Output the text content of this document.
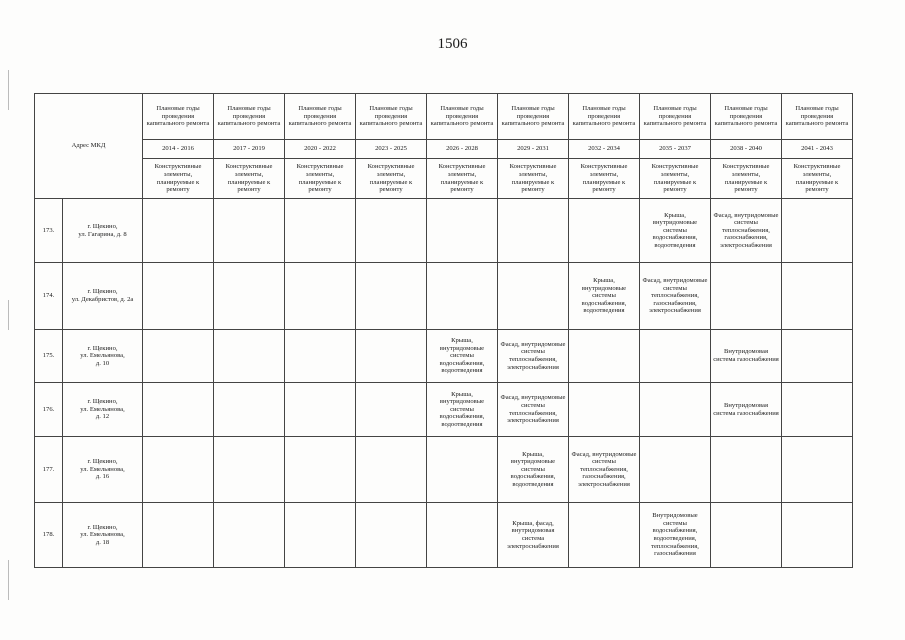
1506
Адрес МКД		Плановые годы проведения капитального ремонта	Плановые годы проведения капитального ремонта	Плановые годы проведения капитального ремонта	Плановые годы проведения капитального ремонта	Плановые годы проведения капитального ремонта	Плановые годы проведения капитального ремонта	Плановые годы проведения капитального ремонта	Плановые годы проведения капитального ремонта	Плановые годы проведения капитального ремонта	Плановые годы проведения капитального ремонта
		2014 - 2016	2017 - 2019	2020 - 2022	2023 - 2025	2026 - 2028	2029 - 2031	2032 - 2034	2035 - 2037	2038 - 2040	2041 - 2043
		Конструктивные элементы, планируемые к ремонту	Конструктивные элементы, планируемые к ремонту	Конструктивные элементы, планируемые к ремонту	Конструктивные элементы, планируемые к ремонту	Конструктивные элементы, планируемые к ремонту	Конструктивные элементы, планируемые к ремонту	Конструктивные элементы, планируемые к ремонту	Конструктивные элементы, планируемые к ремонту	Конструктивные элементы, планируемые к ремонту	Конструктивные элементы, планируемые к ремонту
173.	г. Щекино,
ул. Гагарина, д. 8								Крыша, внутридомовые системы водоснабжения, водоотведения	Фасад, внутридомовые системы теплоснабжения, газоснабжения, электроснабжения	
174.	г. Щекино,
ул. Декабристов, д. 2а							Крыша, внутридомовые системы водоснабжения, водоотведения	Фасад, внутридомовые системы теплоснабжения, газоснабжения, электроснабжения		
175.	г. Щекино,
ул. Емельянова,
д. 10					Крыша, внутридомовые системы водоснабжения, водоотведения	Фасад, внутридомовые системы теплоснабжения, электроснабжения			Внутридомовая система газоснабжения	
176.	г. Щекино,
ул. Емельянова,
д. 12					Крыша, внутридомовые системы водоснабжения, водоотведения	Фасад, внутридомовые системы теплоснабжения, электроснабжения			Внутридомовая система газоснабжения	
177.	г. Щекино,
ул. Емельянова,
д. 16						Крыша, внутридомовые системы водоснабжения, водоотведения	Фасад, внутридомовые системы теплоснабжения, газоснабжения, электроснабжения			
178.	г. Щекино,
ул. Емельянова,
д. 18						Крыша, фасад, внутридомовая система электроснабжения		Внутридомовые системы водоснабжения, водоотведения, теплоснабжения, газоснабжения		
